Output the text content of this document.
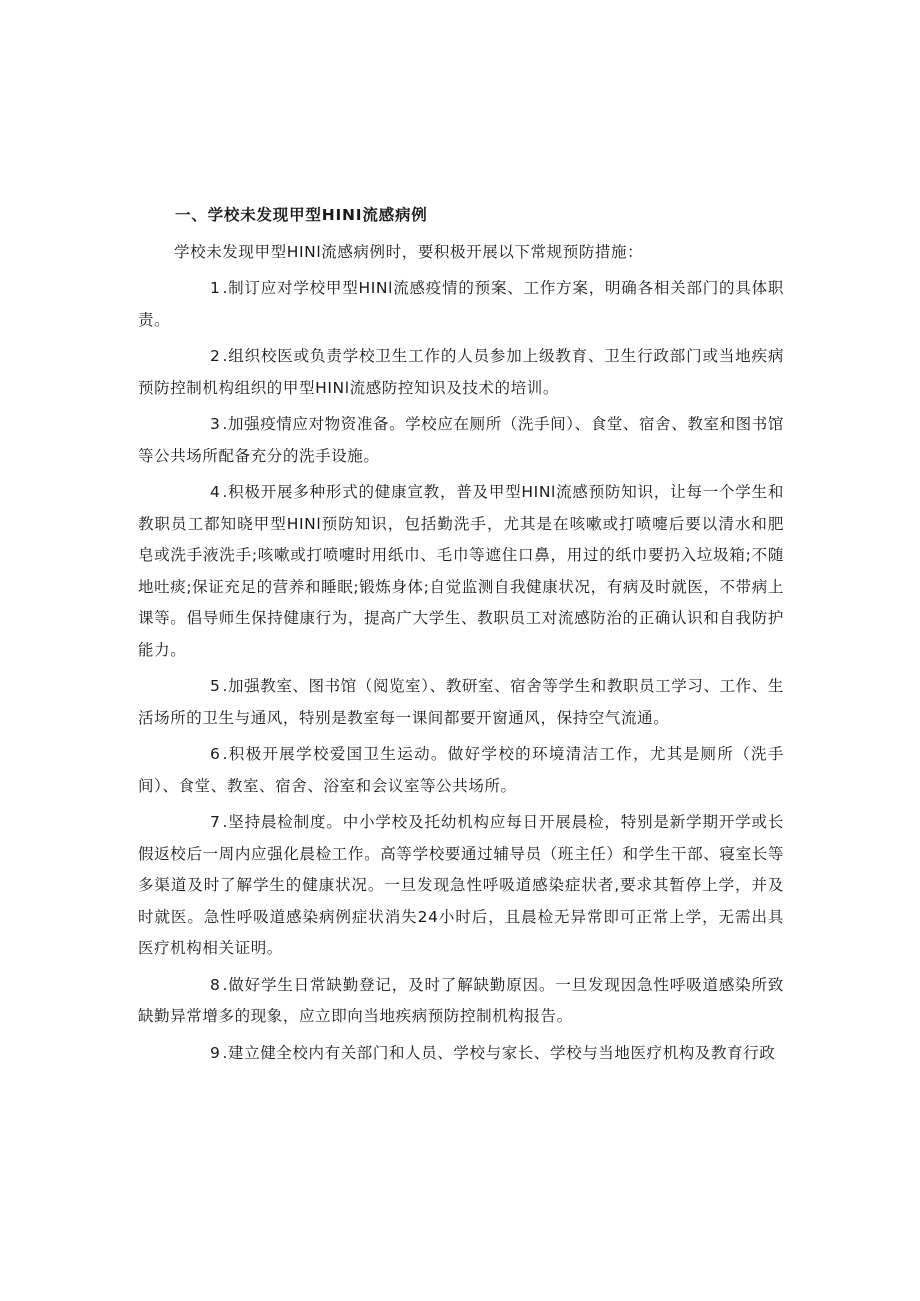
一、学校未发现甲型HINI流感病例

学校未发现甲型HINl流感病例时，要积极开展以下常规预防措施：

1 .制订应对学校甲型HINl流感疫情的预案、工作方案，明确各相关部门的具体职责。

2 .组织校医或负责学校卫生工作的人员参加上级教育、卫生行政部门或当地疾病预防控制机构组织的甲型HINl流感防控知识及技术的培训。

3 .加强疫情应对物资准备。学校应在厕所（洗手间）、食堂、宿舍、教室和图书馆等公共场所配备充分的洗手设施。

4 .积极开展多种形式的健康宣教，普及甲型HINl流感预防知识，让每一个学生和教职员工都知晓甲型HINl预防知识，包括勤洗手，尤其是在咳嗽或打喷嚏后要以清水和肥皂或洗手液洗手;咳嗽或打喷嚏时用纸巾、毛巾等遮住口鼻，用过的纸巾要扔入垃圾箱;不随地吐痰;保证充足的营养和睡眠;锻炼身体;自觉监测自我健康状况，有病及时就医，不带病上课等。倡导师生保持健康行为，提高广大学生、教职员工对流感防治的正确认识和自我防护能力。

5 .加强教室、图书馆（阅览室）、教研室、宿舍等学生和教职员工学习、工作、生活场所的卫生与通风，特别是教室每一课间都要开窗通风，保持空气流通。

6 .积极开展学校爱国卫生运动。做好学校的环境清洁工作，尤其是厕所（洗手间）、食堂、教室、宿舍、浴室和会议室等公共场所。

7 .坚持晨检制度。中小学校及托幼机构应每日开展晨检，特别是新学期开学或长假返校后一周内应强化晨检工作。高等学校要通过辅导员（班主任）和学生干部、寝室长等多渠道及时了解学生的健康状况。一旦发现急性呼吸道感染症状者,要求其暂停上学，并及时就医。急性呼吸道感染病例症状消失24小时后，且晨检无异常即可正常上学，无需出具医疗机构相关证明。

8 .做好学生日常缺勤登记，及时了解缺勤原因。一旦发现因急性呼吸道感染所致缺勤异常增多的现象，应立即向当地疾病预防控制机构报告。

9 .建立健全校内有关部门和人员、学校与家长、学校与当地医疗机构及教育行政
